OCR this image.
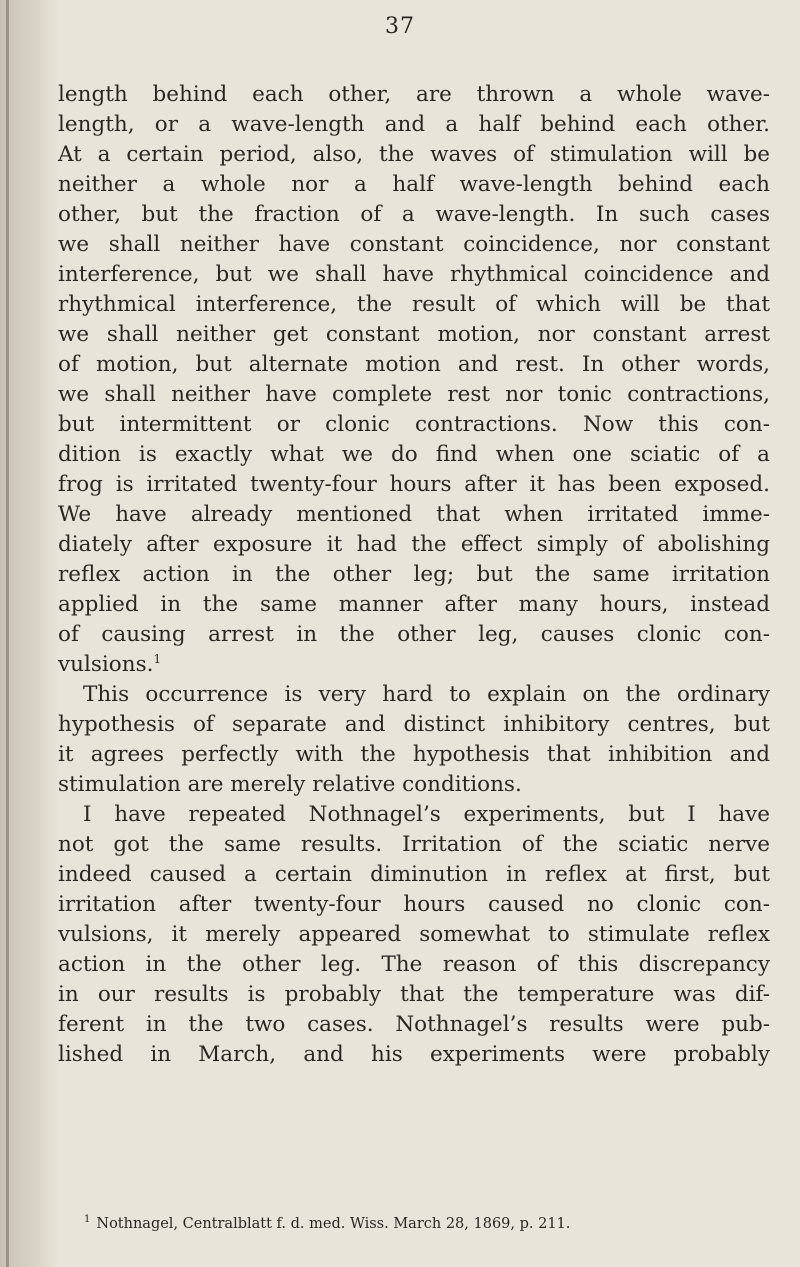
37
length behind each other, are thrown a whole wave-
length, or a wave-length and a half behind each other.
At a certain period, also, the waves of stimulation will be
neither a whole nor a half wave-length behind each
other, but the fraction of a wave-length. In such cases
we shall neither have constant coincidence, nor constant
interference, but we shall have rhythmical coincidence and
rhythmical interference, the result of which will be that
we shall neither get constant motion, nor constant arrest
of motion, but alternate motion and rest. In other words,
we shall neither have complete rest nor tonic contractions,
but intermittent or clonic contractions. Now this con-
dition is exactly what we do find when one sciatic of a
frog is irritated twenty-four hours after it has been exposed.
We have already mentioned that when irritated imme-
diately after exposure it had the effect simply of abolishing
reflex action in the other leg; but the same irritation
applied in the same manner after many hours, instead
of causing arrest in the other leg, causes clonic con-
vulsions.$^1$
This occurrence is very hard to explain on the ordinary
hypothesis of separate and distinct inhibitory centres, but
it agrees perfectly with the hypothesis that inhibition and
stimulation are merely relative conditions.
I have repeated Nothnagel’s experiments, but I have
not got the same results. Irritation of the sciatic nerve
indeed caused a certain diminution in reflex at first, but
irritation after twenty-four hours caused no clonic con-
vulsions, it merely appeared somewhat to stimulate reflex
action in the other leg. The reason of this discrepancy
in our results is probably that the temperature was dif-
ferent in the two cases. Nothnagel’s results were pub-
lished in March, and his experiments were probably
$^1$ Nothnagel, Centralblatt f. d. med. Wiss. March 28, 1869, p. 211.
